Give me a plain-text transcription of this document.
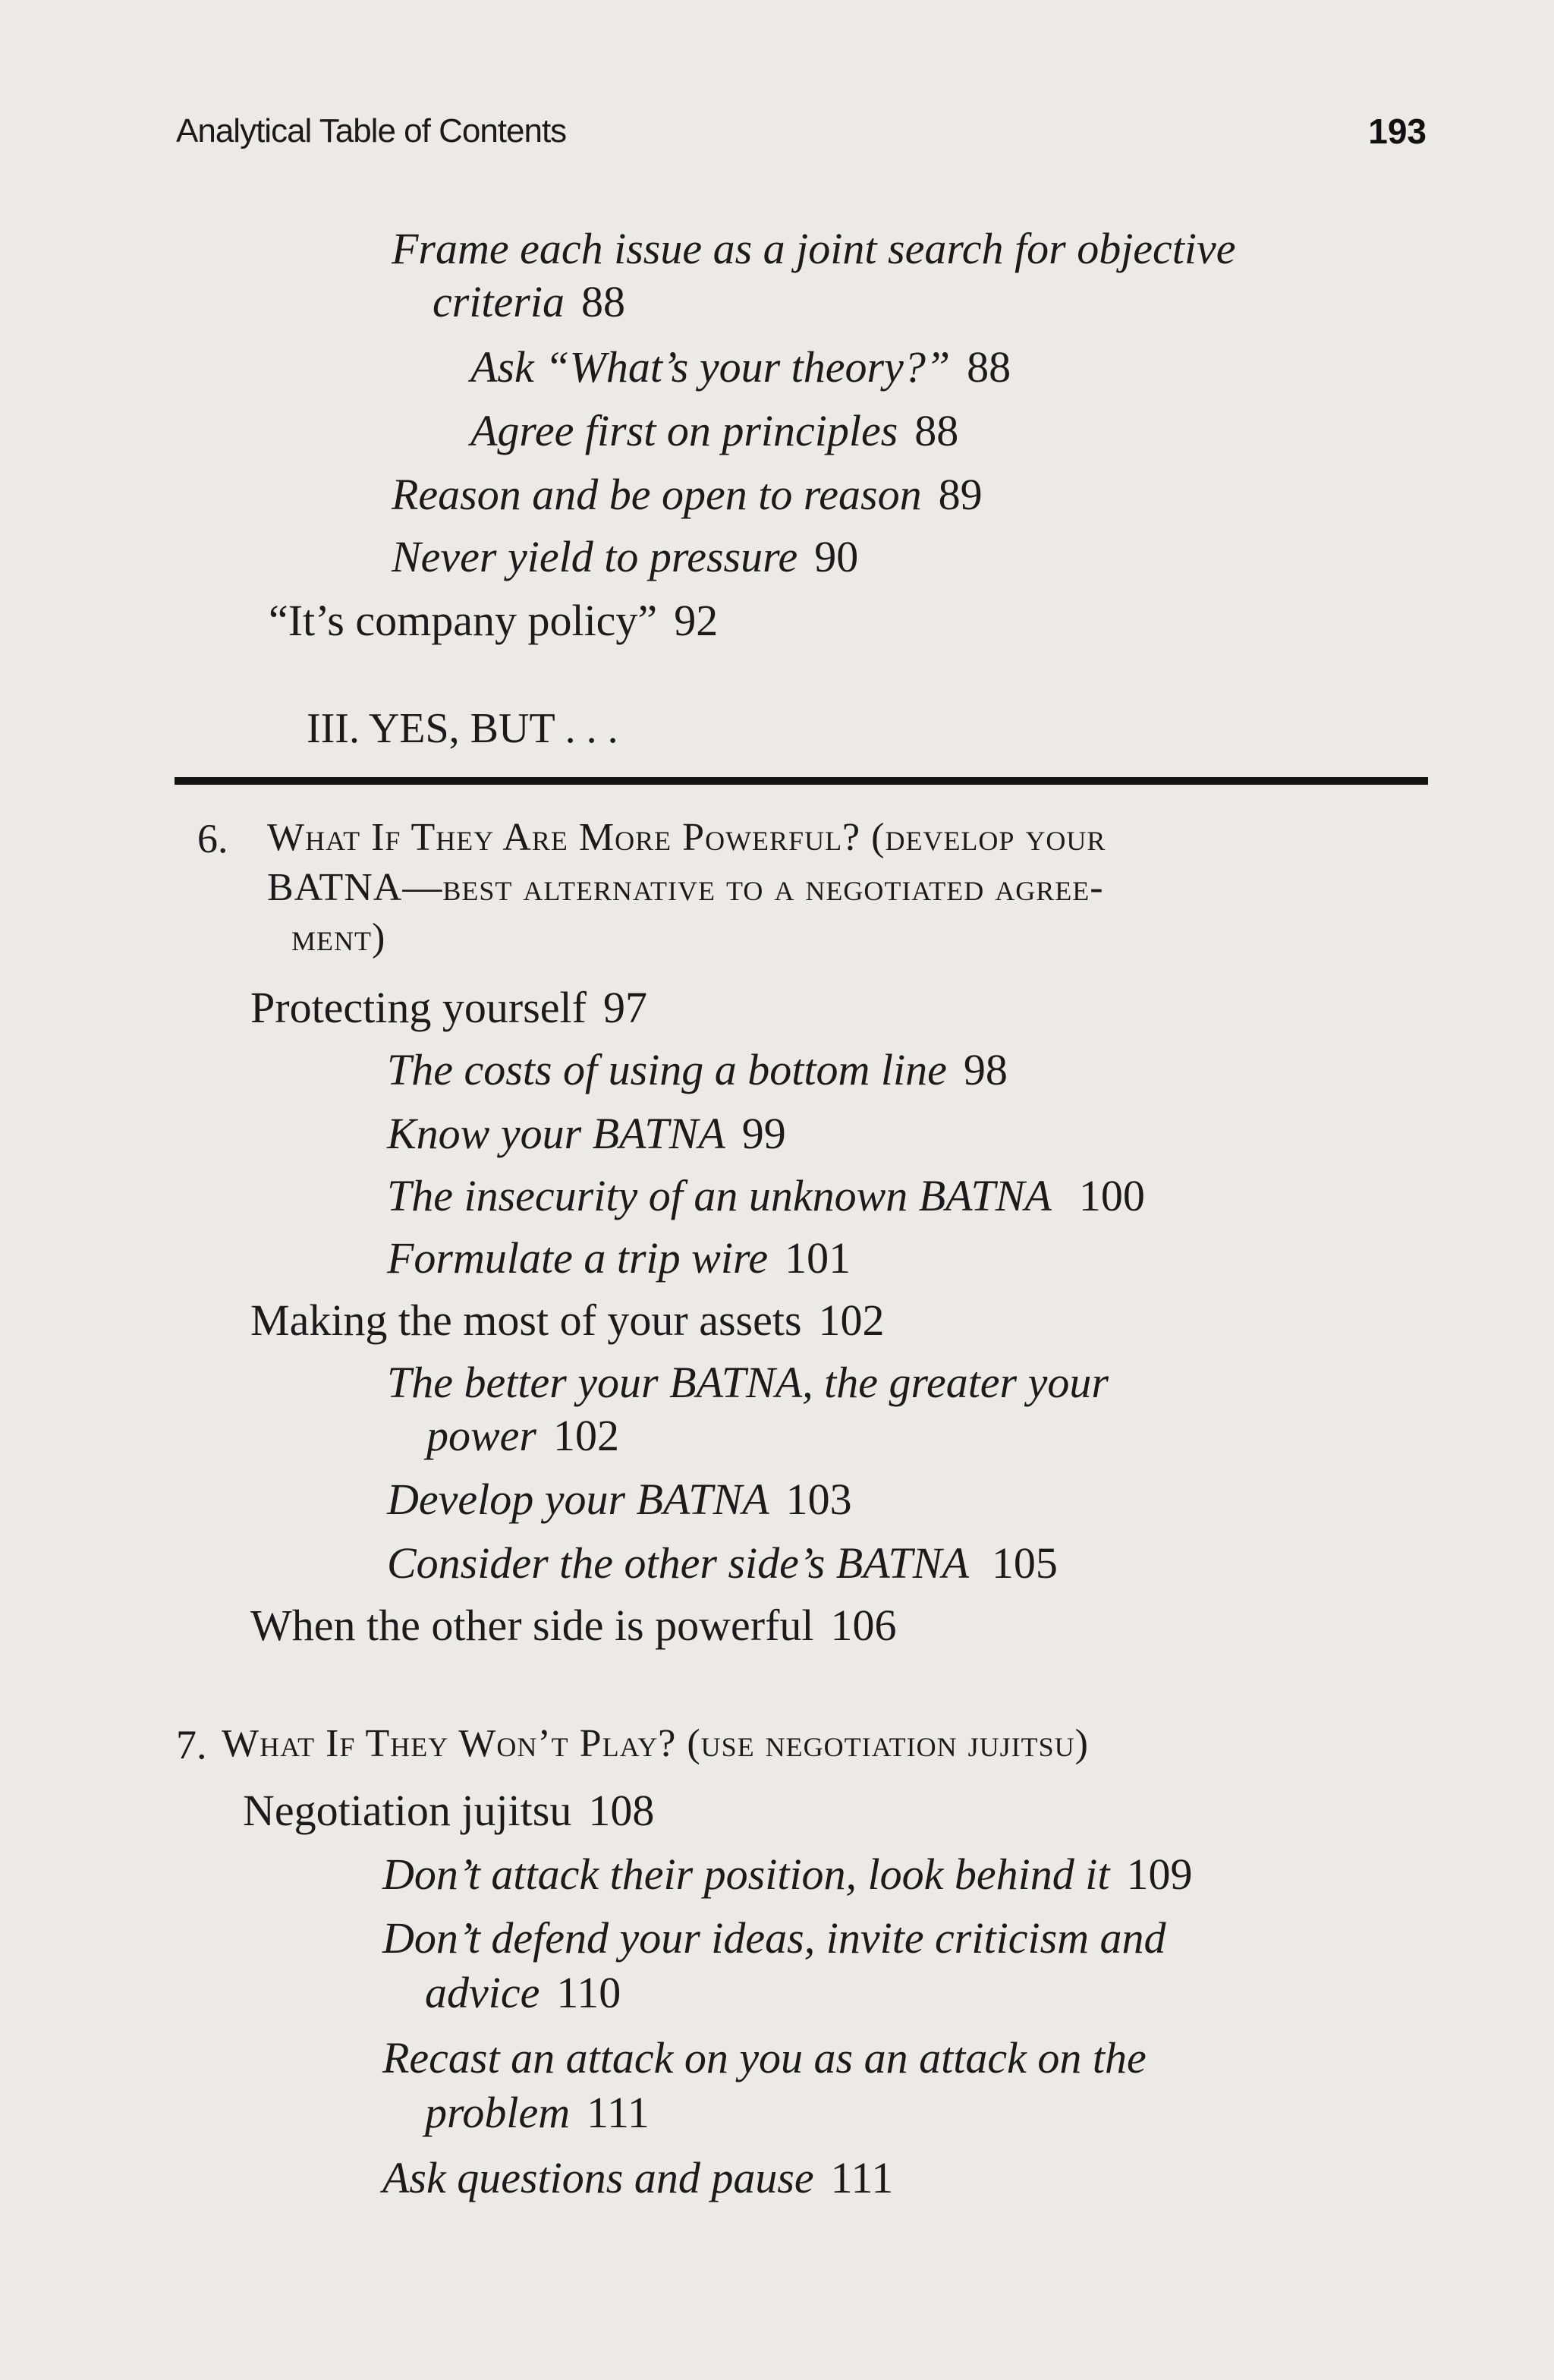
Analytical Table of Contents	193
Frame each issue as a joint search for objective
criteria 88
Ask “What’s your theory?” 88
Agree first on principles 88
Reason and be open to reason 89
Never yield to pressure 90
“It’s company policy” 92
III. YES, BUT . . .
6. What If They Are More Powerful? (develop your
BATNA—best alternative to a negotiated agree-
ment)
Protecting yourself 97
The costs of using a bottom line 98
Know your BATNA 99
The insecurity of an unknown BATNA 100
Formulate a trip wire 101
Making the most of your assets 102
The better your BATNA, the greater your
power 102
Develop your BATNA 103
Consider the other side’s BATNA 105
When the other side is powerful 106
7. What If They Won’t Play? (use negotiation jujitsu)
Negotiation jujitsu 108
Don’t attack their position, look behind it 109
Don’t defend your ideas, invite criticism and
advice 110
Recast an attack on you as an attack on the
problem 111
Ask questions and pause 111
